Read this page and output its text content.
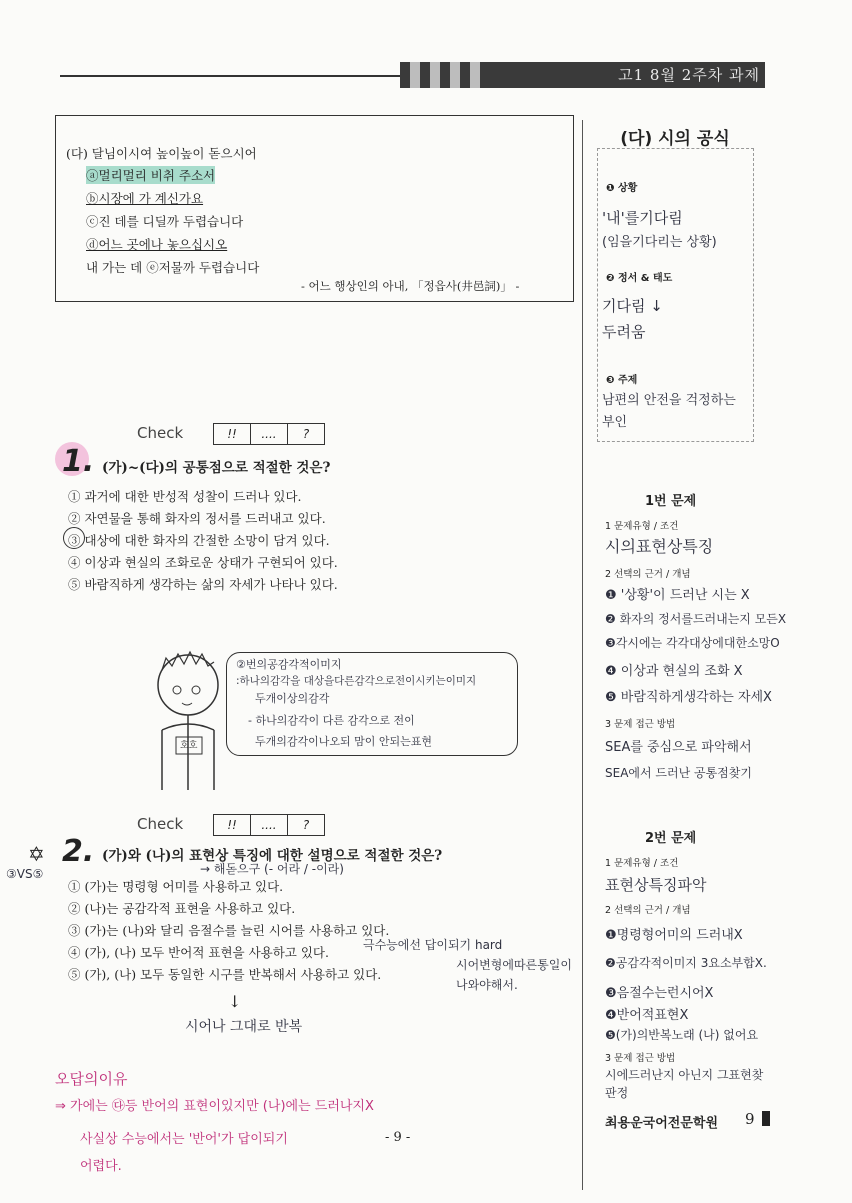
고1 8월 2주차 과제
(다) 달님이시여 높이높이 돋으시어
ⓐ멀리멀리 비취 주소서
ⓑ시장에 가 계신가요
ⓒ진 데를 디딜까 두렵습니다
ⓓ어느 곳에나 놓으십시오
내 가는 데 ⓔ저물까 두렵습니다
- 어느 행상인의 아내, 「정읍사(井邑詞)」 -
Check	!!	....	?
1. (가)~(다)의 공통점으로 적절한 것은?
① 과거에 대한 반성적 성찰이 드러나 있다.
② 자연물을 통해 화자의 정서를 드러내고 있다.
③ 대상에 대한 화자의 간절한 소망이 담겨 있다.
④ 이상과 현실의 조화로운 상태가 구현되어 있다.
⑤ 바람직하게 생각하는 삶의 자세가 나타나 있다.
호호
②번의공감각적이미지
:하나의감각을 대상을다른감각으로전이시키는이미지
두개이상의감각
- 하나의감각이 다른 감각으로 전이
두개의감각이나오되 맘이 안되는표현
Check	!!	....	?
✡ 2. (가)와 (나)의 표현상 특징에 대한 설명으로 적절한 것은?
③VS⑤	→ 해돋으구 (- 어라 / -이라)
① (가)는 명령형 어미를 사용하고 있다.
② (나)는 공감각적 표현을 사용하고 있다.
③ (가)는 (나)와 달리 음절수를 늘린 시어를 사용하고 있다.
④ (가), (나) 모두 반어적 표현을 사용하고 있다.
⑤ (가), (나) 모두 동일한 시구를 반복해서 사용하고 있다.
극수능에선 답이되기 hard
시어변형에따른통일이
나와야해서.
↓
시어나 그대로 반복
오답의이유
⇒ 가에는 ㉰등 반어의 표현이있지만 (나)에는 드러나지X
사실상 수능에서는 '반어'가 답이되기
어렵다.
- 9 -
(다) 시의 공식
❶ 상황
'내'를기다림
(임을기다리는 상황)
❷ 정서 & 태도
기다림 ↓
두려움
❸ 주제
남편의 안전을 걱정하는
부인
1번 문제
1 문제유형 / 조건
시의표현상특징
2 선택의 근거 / 개념
❶ '상황'이 드러난 시는 X
❷ 화자의 정서를드러내는지 모든X
❸각시에는 각각대상에대한소망O
❹ 이상과 현실의 조화 X
❺ 바람직하게생각하는 자세X
3 문제 접근 방법
SEA를 중심으로 파악해서
SEA에서 드러난 공통점찾기
2번 문제
1 문제유형 / 조건
표현상특징파악
2 선택의 근거 / 개념
❶명령형어미의 드러내X
❷공감각적이미지 3요소부합X.
❸음절수는런시어X
❹반어적표현X
❺(가)의반복노래 (나) 없어요
3 문제 접근 방법
시에드러난지 아닌지 그표현찾
판정
최용운국어전문학원 9
